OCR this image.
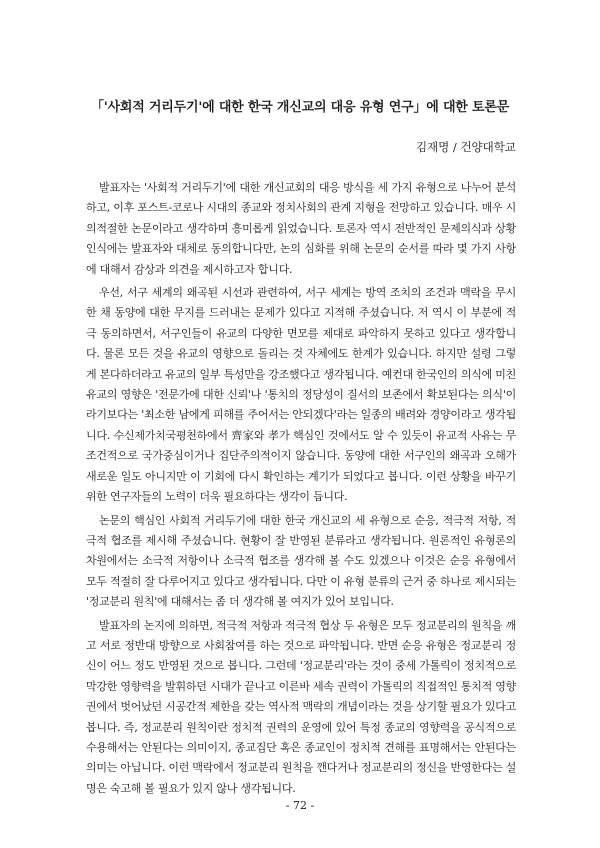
「'사회적 거리두기'에 대한 한국 개신교의 대응 유형 연구」에 대한 토론문
김재명 / 건양대학교

발표자는 '사회적 거리두기'에 대한 개신교회의 대응 방식을 세 가지 유형으로 나누어 분석하고, 이후 포스트-코로나 시대의 종교와 정치사회의 관계 지형을 전망하고 있습니다. 매우 시의적절한 논문이라고 생각하며 흥미롭게 읽었습니다. 토론자 역시 전반적인 문제의식과 상황인식에는 발표자와 대체로 동의합니다만, 논의 심화를 위해 논문의 순서를 따라 몇 가지 사항에 대해서 감상과 의견을 제시하고자 합니다.

우선, 서구 세계의 왜곡된 시선과 관련하여, 서구 세계는 방역 조치의 조건과 맥락을 무시한 채 동양에 대한 무지를 드러내는 문제가 있다고 지적해 주셨습니다. 저 역시 이 부분에 적극 동의하면서, 서구인들이 유교의 다양한 면모를 제대로 파악하지 못하고 있다고 생각합니다. 물론 모든 것을 유교의 영향으로 돌리는 것 자체에도 한계가 있습니다. 하지만 설령 그렇게 본다하더라고 유교의 일부 특성만을 강조했다고 생각됩니다. 예컨대 한국인의 의식에 미친 유교의 영향은 '전문가에 대한 신뢰'나 '통치의 정당성이 질서의 보존에서 확보된다는 의식'이라기보다는 '최소한 남에게 피해를 주어서는 안되겠다'라는 일종의 배려와 경양이라고 생각됩니다. 수신제가치국평천하에서 齊家와 孝가 핵심인 것에서도 알 수 있듯이 유교적 사유는 무조건적으로 국가중심이거나 집단주의적이지 않습니다. 동양에 대한 서구인의 왜곡과 오해가 새로운 일도 아니지만 이 기회에 다시 확인하는 계기가 되었다고 봅니다. 이런 상황을 바꾸기 위한 연구자들의 노력이 더욱 필요하다는 생각이 듭니다.

논문의 핵심인 사회적 거리두기에 대한 한국 개신교의 세 유형으로 순응, 적극적 저항, 적극적 협조를 제시해 주셨습니다. 현황이 잘 반영된 분류라고 생각됩니다. 원론적인 유형론의 차원에서는 소극적 저항이나 소극적 협조를 생각해 볼 수도 있겠으나 이것은 순응 유형에서 모두 적절히 잘 다루어지고 있다고 생각됩니다. 다만 이 유형 분류의 근거 중 하나로 제시되는 '정교분리 원칙'에 대해서는 좀 더 생각해 볼 여지가 있어 보입니다.

발표자의 논지에 의하면, 적극적 저항과 적극적 협상 두 유형은 모두 정교분리의 원칙을 깨고 서로 정반대 방향으로 사회참여를 하는 것으로 파악됩니다. 반면 순응 유형은 정교분리 정신이 어느 정도 반영된 것으로 봅니다. 그런데 '정교분리'라는 것이 중세 가톨릭이 정치적으로 막강한 영향력을 발휘하던 시대가 끝나고 이른바 세속 권력이 가톨릭의 직접적인 통치적 영향권에서 벗어났던 시공간적 제한을 갖는 역사적 맥락의 개념이라는 것을 상기할 필요가 있다고 봅니다. 즉, 정교분리 원칙이란 정치적 권력의 운영에 있어 특정 종교의 영향력을 공식적으로 수용해서는 안된다는 의미이지, 종교집단 혹은 종교인이 정치적 견해를 표명해서는 안된다는 의미는 아닙니다. 이런 맥락에서 정교분리 원칙을 깬다거나 정교분리의 정신을 반영한다는 설명은 숙고해 볼 필요가 있지 않나 생각됩니다.

- 72 -
